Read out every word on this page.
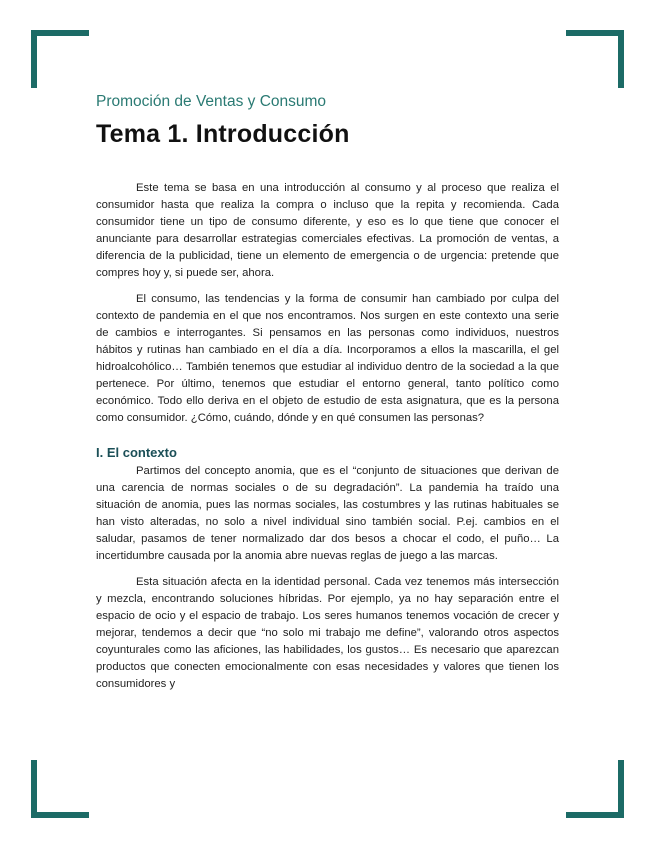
Promoción de Ventas y Consumo
Tema 1. Introducción

Este tema se basa en una introducción al consumo y al proceso que realiza el consumidor hasta que realiza la compra o incluso que la repita y recomienda. Cada consumidor tiene un tipo de consumo diferente, y eso es lo que tiene que conocer el anunciante para desarrollar estrategias comerciales efectivas. La promoción de ventas, a diferencia de la publicidad, tiene un elemento de emergencia o de urgencia: pretende que compres hoy y, si puede ser, ahora.

El consumo, las tendencias y la forma de consumir han cambiado por culpa del contexto de pandemia en el que nos encontramos. Nos surgen en este contexto una serie de cambios e interrogantes. Si pensamos en las personas como individuos, nuestros hábitos y rutinas han cambiado en el día a día. Incorporamos a ellos la mascarilla, el gel hidroalcohólico… También tenemos que estudiar al individuo dentro de la sociedad a la que pertenece. Por último, tenemos que estudiar el entorno general, tanto político como económico. Todo ello deriva en el objeto de estudio de esta asignatura, que es la persona como consumidor. ¿Cómo, cuándo, dónde y en qué consumen las personas?

I. El contexto

Partimos del concepto anomia, que es el “conjunto de situaciones que derivan de una carencia de normas sociales o de su degradación”. La pandemia ha traído una situación de anomia, pues las normas sociales, las costumbres y las rutinas habituales se han visto alteradas, no solo a nivel individual sino también social. P.ej. cambios en el saludar, pasamos de tener normalizado dar dos besos a chocar el codo, el puño… La incertidumbre causada por la anomia abre nuevas reglas de juego a las marcas.

Esta situación afecta en la identidad personal. Cada vez tenemos más intersección y mezcla, encontrando soluciones híbridas. Por ejemplo, ya no hay separación entre el espacio de ocio y el espacio de trabajo. Los seres humanos tenemos vocación de crecer y mejorar, tendemos a decir que “no solo mi trabajo me define”, valorando otros aspectos coyunturales como las aficiones, las habilidades, los gustos… Es necesario que aparezcan productos que conecten emocionalmente con esas necesidades y valores que tienen los consumidores y
